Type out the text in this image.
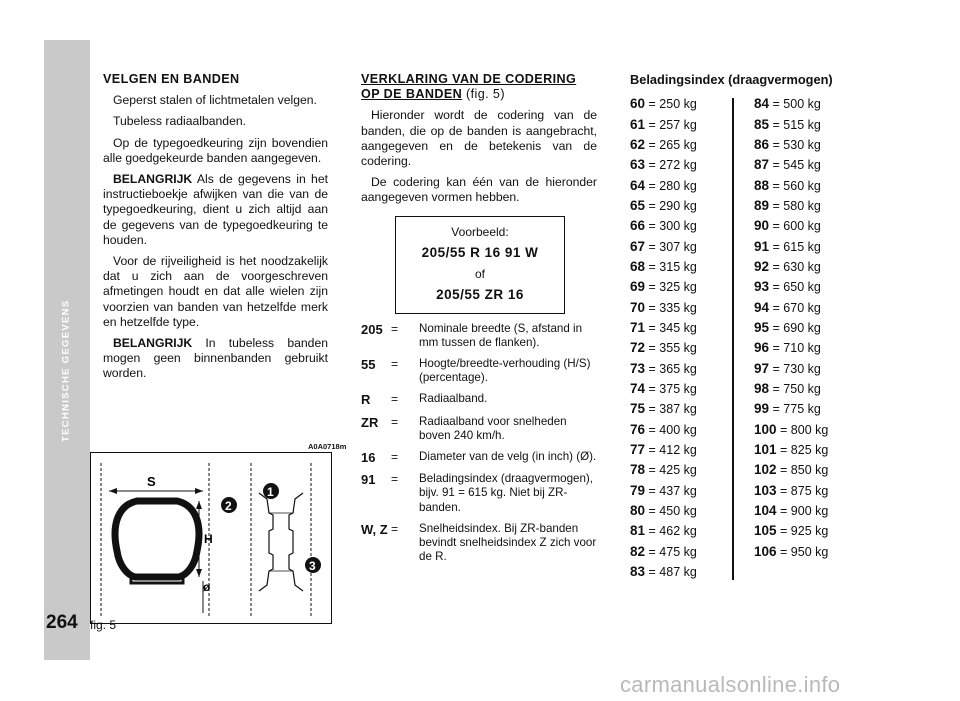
TECHNISCHE GEGEVENS
264
VELGEN EN BANDEN

Geperst stalen of lichtmetalen velgen.

Tubeless radiaalbanden.

Op de typegoedkeuring zijn bovendien alle goedgekeurde banden aangegeven.

BELANGRIJK Als de gegevens in het instructieboekje afwijken van die van de typegoedkeuring, dient u zich altijd aan de gegevens van de typegoedkeuring te houden.

Voor de rijveiligheid is het noodzakelijk dat u zich aan de voorgeschreven afmetingen houdt en dat alle wielen zijn voorzien van banden van hetzelfde merk en hetzelfde type.

BELANGRIJK In tubeless banden mogen geen binnenbanden gebruikt worden.

VERKLARING VAN DE CODERING OP DE BANDEN (fig. 5)

Hieronder wordt de codering van de banden, die op de banden is aangebracht, aangegeven en de betekenis van de codering.

De codering kan één van de hieronder aangegeven vormen hebben.

Voorbeeld:
205/55 R 16 91 W
of
205/55 ZR 16
205 =	Nominale breedte (S, afstand in mm tussen de flanken).
55	=	Hoogte/breedte-verhouding (H/S) (percentage).
R	=	Radiaalband.
ZR	=	Radiaalband voor snelheden boven 240 km/h.
16	=	Diameter van de velg (in inch) (Ø).
91	=	Beladingsindex (draagvermogen), bijv. 91 = 615 kg. Niet bij ZR-banden.
W, Z =	Snelheidsindex. Bij ZR-banden bevindt snelheidsindex Z zich voor de R.
Beladingsindex (draagvermogen)
60 = 250 kg
61 = 257 kg
62 = 265 kg
63 = 272 kg
64 = 280 kg
65 = 290 kg
66 = 300 kg
67 = 307 kg
68 = 315 kg
69 = 325 kg
70 = 335 kg
71 = 345 kg
72 = 355 kg
73 = 365 kg
74 = 375 kg
75 = 387 kg
76 = 400 kg
77 = 412 kg
78 = 425 kg
79 = 437 kg
80 = 450 kg
81 = 462 kg
82 = 475 kg
83 = 487 kg
84 = 500 kg
85 = 515 kg
86 = 530 kg
87 = 545 kg
88 = 560 kg
89 = 580 kg
90 = 600 kg
91 = 615 kg
92 = 630 kg
93 = 650 kg
94 = 670 kg
95 = 690 kg
96 = 710 kg
97 = 730 kg
98 = 750 kg
99 = 775 kg
100 = 800 kg
101 = 825 kg
102 = 850 kg
103 = 875 kg
104 = 900 kg
105 = 925 kg
106 = 950 kg
A0A0718m
S
H
ø
1
2
3
fig. 5
carmanualsonline.info
